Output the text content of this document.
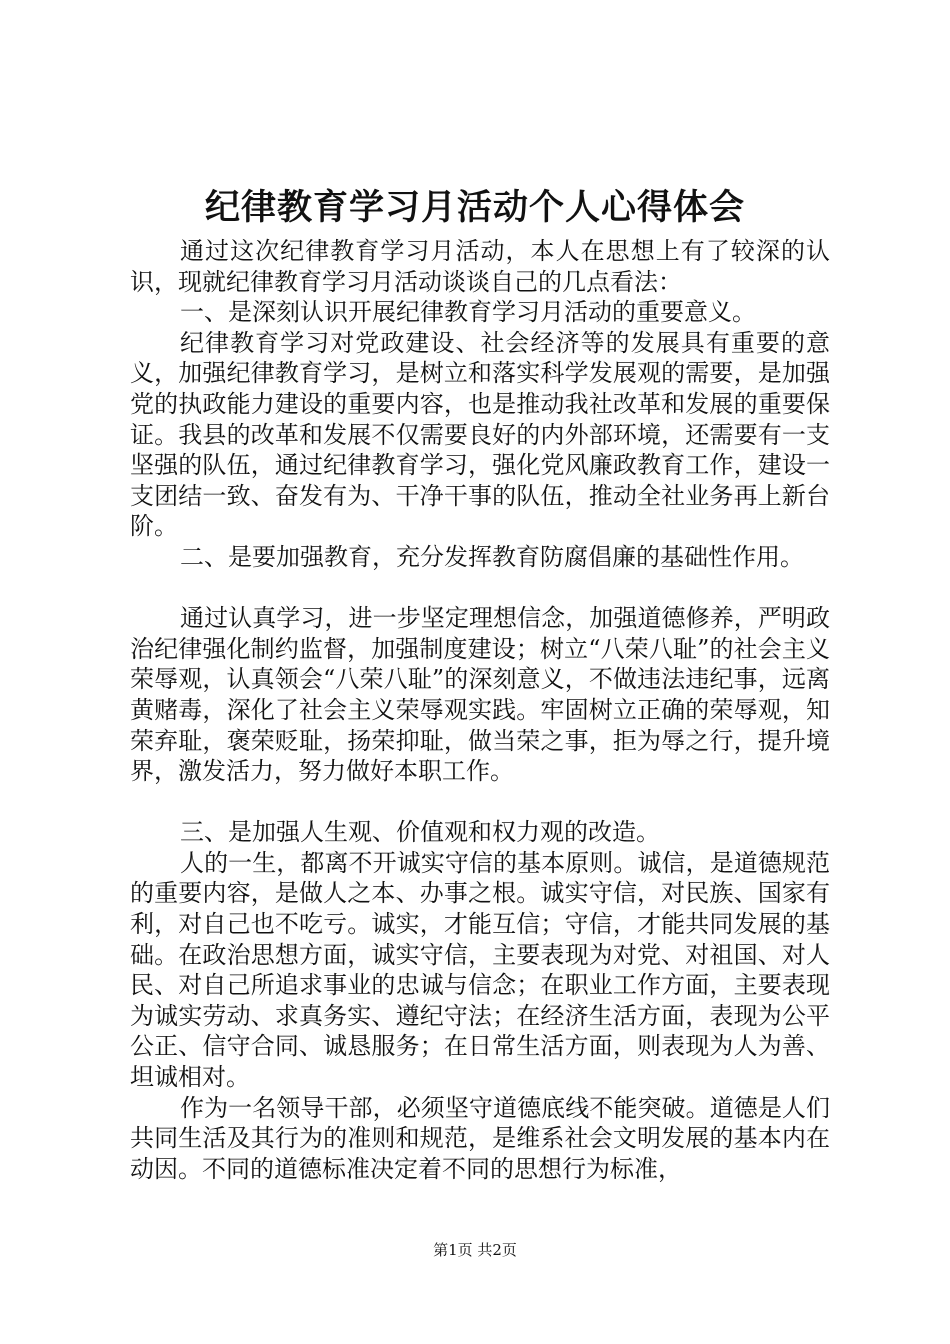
纪律教育学习月活动个人心得体会

通过这次纪律教育学习月活动，本人在思想上有了较深的认识，现就纪律教育学习月活动谈谈自己的几点看法：

一、是深刻认识开展纪律教育学习月活动的重要意义。

纪律教育学习对党政建设、社会经济等的发展具有重要的意义，加强纪律教育学习，是树立和落实科学发展观的需要，是加强党的执政能力建设的重要内容，也是推动我社改革和发展的重要保证。我县的改革和发展不仅需要良好的内外部环境，还需要有一支坚强的队伍，通过纪律教育学习，强化党风廉政教育工作，建设一支团结一致、奋发有为、干净干事的队伍，推动全社业务再上新台阶。

二、是要加强教育，充分发挥教育防腐倡廉的基础性作用。

通过认真学习，进一步坚定理想信念，加强道德修养，严明政治纪律强化制约监督，加强制度建设；树立“八荣八耻”的社会主义荣辱观，认真领会“八荣八耻”的深刻意义，不做违法违纪事，远离黄赌毒，深化了社会主义荣辱观实践。牢固树立正确的荣辱观，知荣弃耻，褒荣贬耻，扬荣抑耻，做当荣之事，拒为辱之行，提升境界，激发活力，努力做好本职工作。

三、是加强人生观、价值观和权力观的改造。

人的一生，都离不开诚实守信的基本原则。诚信，是道德规范的重要内容，是做人之本、办事之根。诚实守信，对民族、国家有利，对自己也不吃亏。诚实，才能互信；守信，才能共同发展的基础。在政治思想方面，诚实守信，主要表现为对党、对祖国、对人民、对自己所追求事业的忠诚与信念；在职业工作方面，主要表现为诚实劳动、求真务实、遵纪守法；在经济生活方面，表现为公平公正、信守合同、诚恳服务；在日常生活方面，则表现为人为善、坦诚相对。

作为一名领导干部，必须坚守道德底线不能突破。道德是人们共同生活及其行为的准则和规范，是维系社会文明发展的基本内在动因。不同的道德标准决定着不同的思想行为标准，

第1页 共2页
